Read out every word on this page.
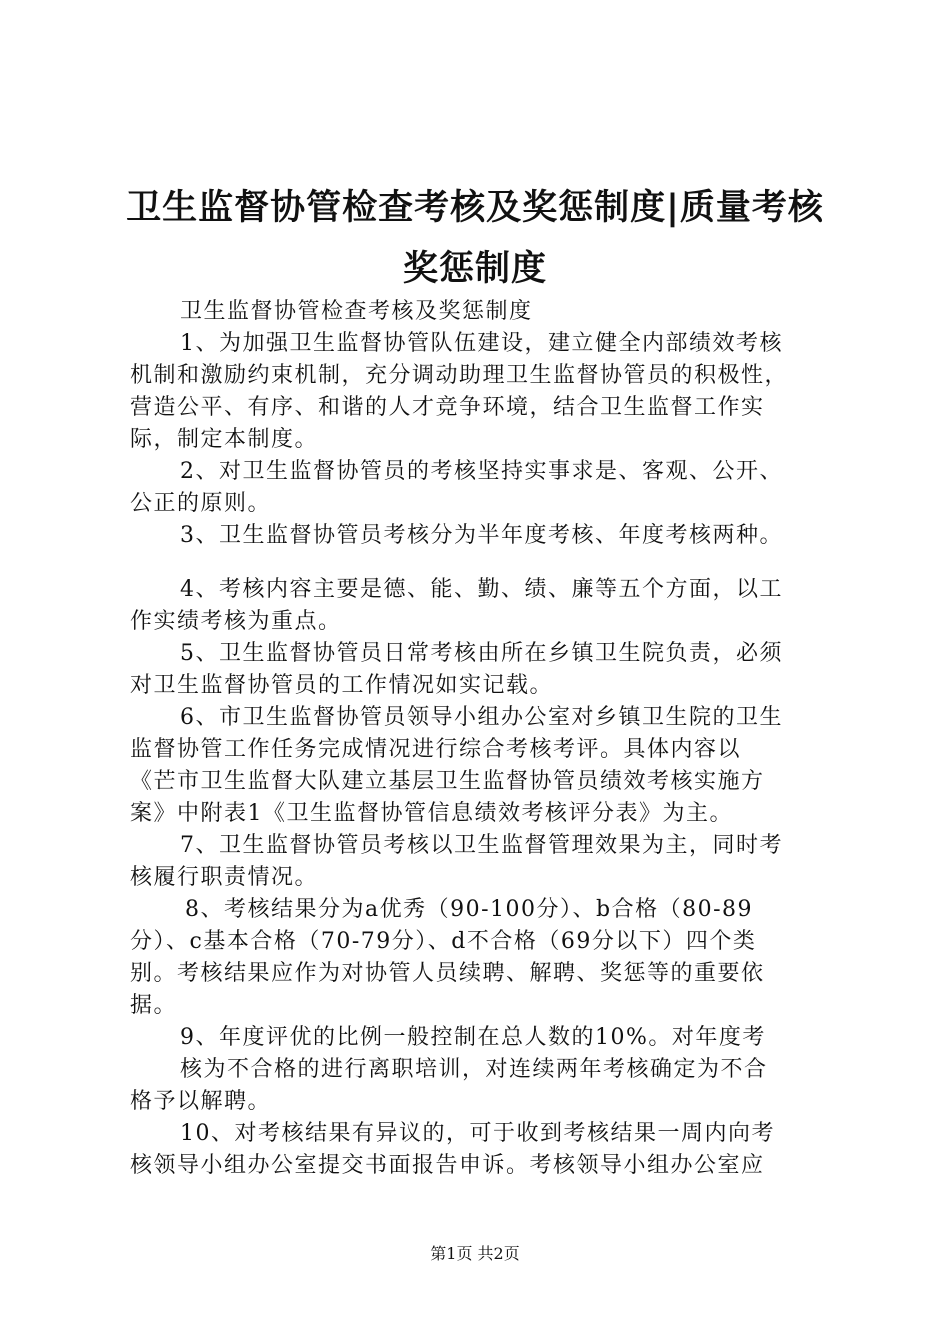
卫生监督协管检查考核及奖惩制度|质量考核
奖惩制度
卫生监督协管检查考核及奖惩制度
1、为加强卫生监督协管队伍建设，建立健全内部绩效考核
机制和激励约束机制，充分调动助理卫生监督协管员的积极性，
营造公平、有序、和谐的人才竞争环境，结合卫生监督工作实
际，制定本制度。
2、对卫生监督协管员的考核坚持实事求是、客观、公开、
公正的原则。
3、卫生监督协管员考核分为半年度考核、年度考核两种。
4、考核内容主要是德、能、勤、绩、廉等五个方面，以工
作实绩考核为重点。
5、卫生监督协管员日常考核由所在乡镇卫生院负责，必须
对卫生监督协管员的工作情况如实记载。
6、市卫生监督协管员领导小组办公室对乡镇卫生院的卫生
监督协管工作任务完成情况进行综合考核考评。具体内容以
《芒市卫生监督大队建立基层卫生监督协管员绩效考核实施方
案》中附表1《卫生监督协管信息绩效考核评分表》为主。
7、卫生监督协管员考核以卫生监督管理效果为主，同时考
核履行职责情况。
8、考核结果分为a优秀（90-100分）、b合格（80-89
分）、c基本合格（70-79分）、d不合格（69分以下）四个类
别。考核结果应作为对协管人员续聘、解聘、奖惩等的重要依
据。
9、年度评优的比例一般控制在总人数的10%。对年度考
核为不合格的进行离职培训，对连续两年考核确定为不合
格予以解聘。
10、对考核结果有异议的，可于收到考核结果一周内向考
核领导小组办公室提交书面报告申诉。考核领导小组办公室应
第1页 共2页
